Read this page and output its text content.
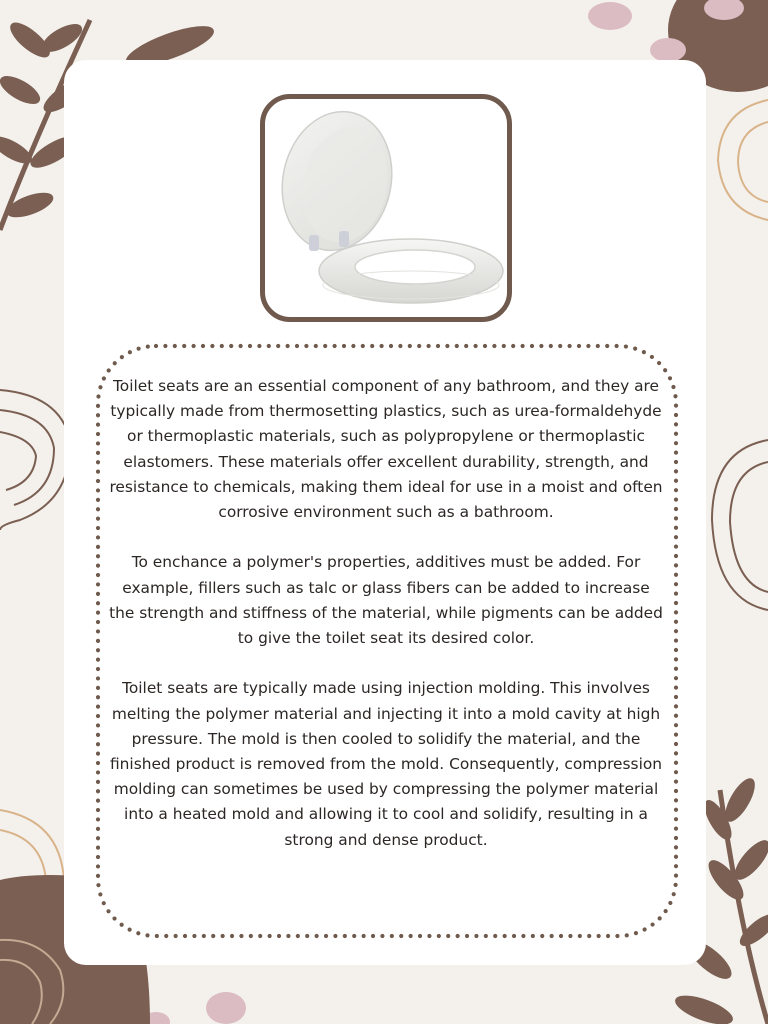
Toilet seats are an essential component of any bathroom, and they are typically made from thermosetting plastics, such as urea-formaldehyde or thermoplastic materials, such as polypropylene or thermoplastic elastomers. These materials offer excellent durability, strength, and resistance to chemicals, making them ideal for use in a moist and often corrosive environment such as a bathroom.

To enchance a polymer's properties, additives must be added. For example, fillers such as talc or glass fibers can be added to increase the strength and stiffness of the material, while pigments can be added to give the toilet seat its desired color.

Toilet seats are typically made using injection molding. This involves melting the polymer material and injecting it into a mold cavity at high pressure. The mold is then cooled to solidify the material, and the finished product is removed from the mold. Consequently, compression molding can sometimes be used by compressing the polymer material into a heated mold and allowing it to cool and solidify, resulting in a strong and dense product.
